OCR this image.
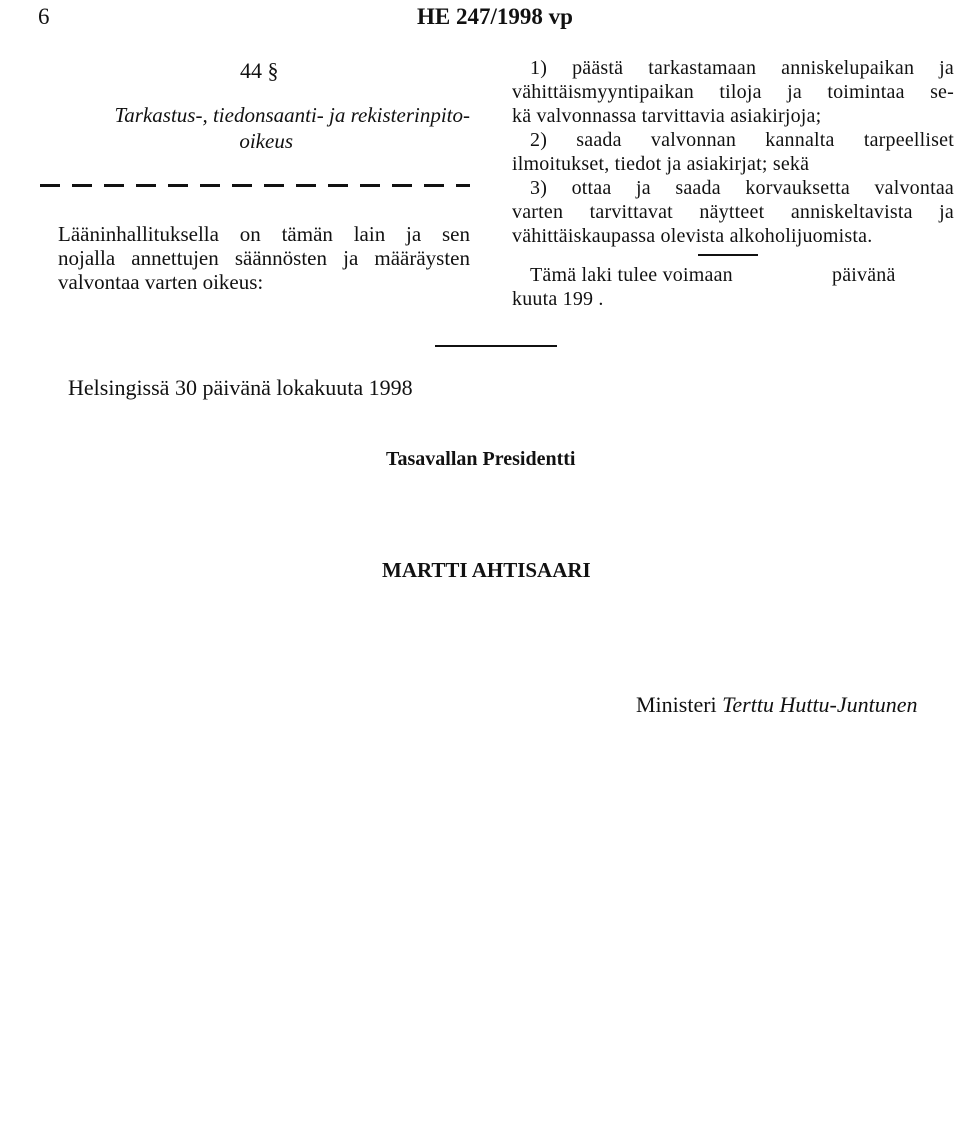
6	HE 247/1998 vp
44 §
Tarkastus-, tiedonsaanti- ja rekisterinpito-
oikeus
Lääninhallituksella on tämän lain ja sen
nojalla annettujen säännösten ja määräysten
valvontaa varten oikeus:
1) päästä tarkastamaan anniskelupaikan ja
vähittäismyyntipaikan tiloja ja toimintaa se-
kä valvonnassa tarvittavia asiakirjoja;
2) saada valvonnan kannalta tarpeelliset
ilmoitukset, tiedot ja asiakirjat; sekä
3) ottaa ja saada korvauksetta valvontaa
varten tarvittavat näytteet anniskeltavista ja
vähittäiskaupassa olevista alkoholijuomista.
Tämä laki tulee voimaan	päivänä
kuuta 199 .
Helsingissä 30 päivänä lokakuuta 1998
Tasavallan Presidentti
MARTTI AHTISAARI
Ministeri Terttu Huttu-Juntunen
